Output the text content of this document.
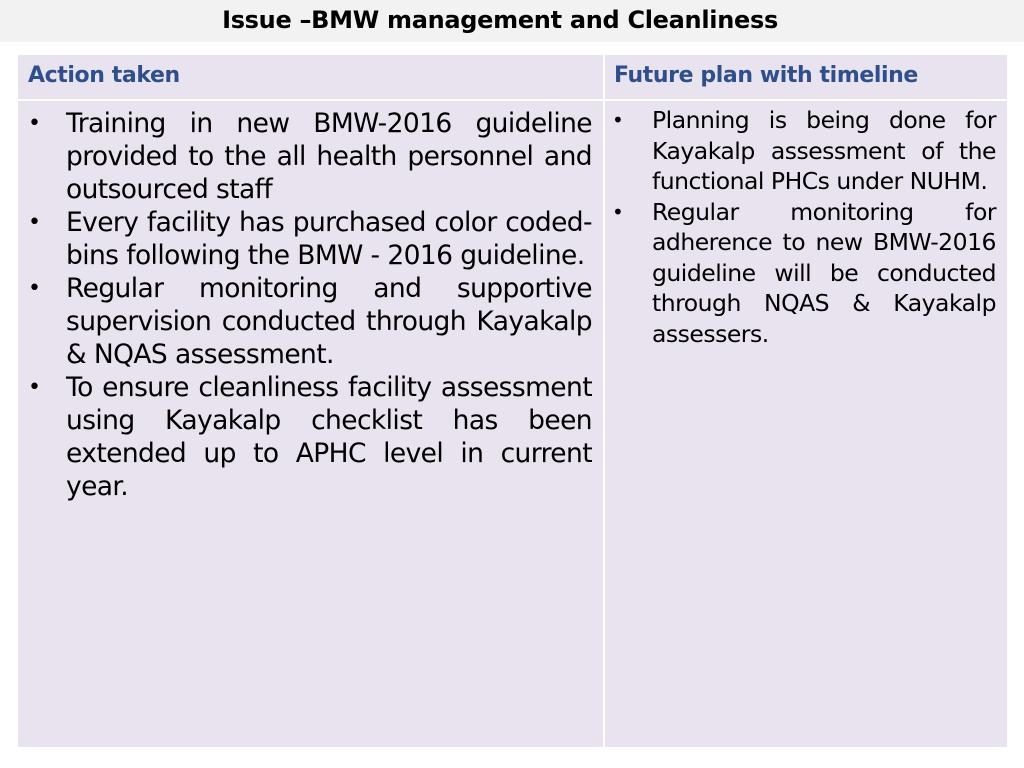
Issue –BMW management and Cleanliness
Action taken	Future plan with timeline
• Training in new BMW-2016 guideline provided to the all health personnel and outsourced staff
• Every facility has purchased color coded- bins following the BMW - 2016 guideline.
• Regular monitoring and supportive supervision conducted through Kayakalp & NQAS assessment.
• To ensure cleanliness facility assessment using Kayakalp checklist has been extended up to APHC level in current year.
• Planning is being done for Kayakalp assessment of the functional PHCs under NUHM.
• Regular monitoring for adherence to new BMW-2016 guideline will be conducted through NQAS & Kayakalp assessers.
